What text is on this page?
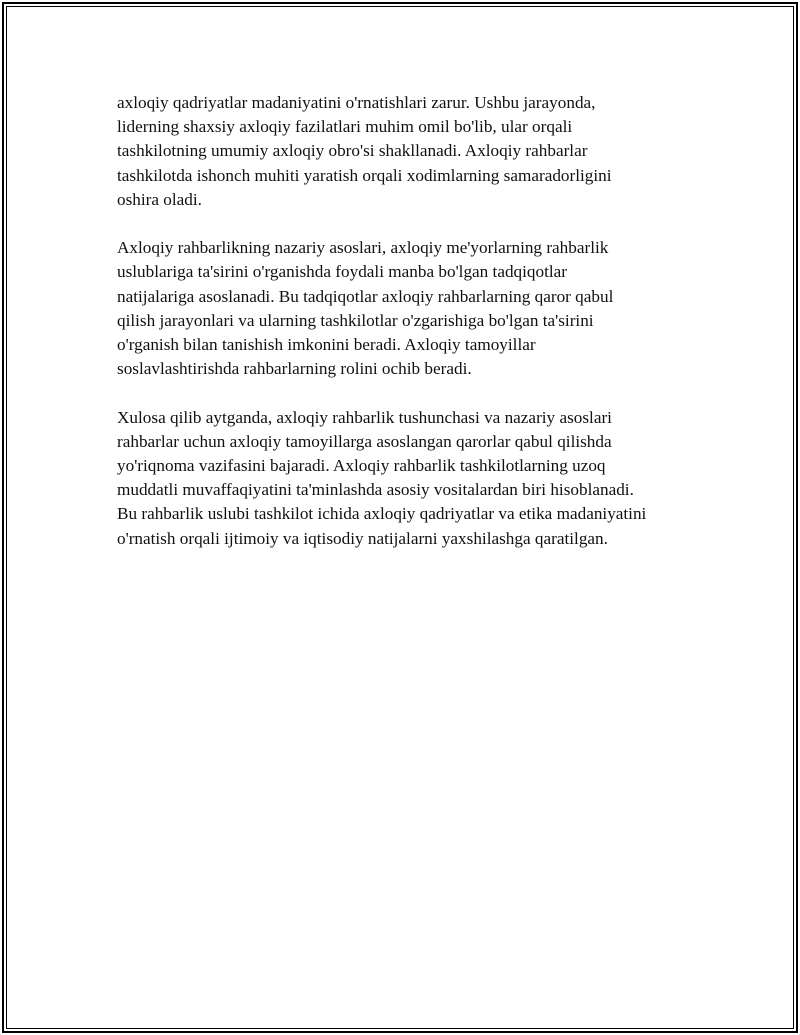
axloqiy qadriyatlar madaniyatini o'rnatishlari zarur. Ushbu jarayonda,
liderning shaxsiy axloqiy fazilatlari muhim omil bo'lib, ular orqali
tashkilotning umumiy axloqiy obro'si shakllanadi. Axloqiy rahbarlar
tashkilotda ishonch muhiti yaratish orqali xodimlarning samaradorligini
oshira oladi.

Axloqiy rahbarlikning nazariy asoslari, axloqiy me'yorlarning rahbarlik
uslublariga ta'sirini o'rganishda foydali manba bo'lgan tadqiqotlar
natijalariga asoslanadi. Bu tadqiqotlar axloqiy rahbarlarning qaror qabul
qilish jarayonlari va ularning tashkilotlar o'zgarishiga bo'lgan ta'sirini
o'rganish bilan tanishish imkonini beradi. Axloqiy tamoyillar
soslavlashtirishda rahbarlarning rolini ochib beradi.

Xulosa qilib aytganda, axloqiy rahbarlik tushunchasi va nazariy asoslari
rahbarlar uchun axloqiy tamoyillarga asoslangan qarorlar qabul qilishda
yo'riqnoma vazifasini bajaradi. Axloqiy rahbarlik tashkilotlarning uzoq
muddatli muvaffaqiyatini ta'minlashda asosiy vositalardan biri hisoblanadi.
Bu rahbarlik uslubi tashkilot ichida axloqiy qadriyatlar va etika madaniyatini
o'rnatish orqali ijtimoiy va iqtisodiy natijalarni yaxshilashga qaratilgan.
